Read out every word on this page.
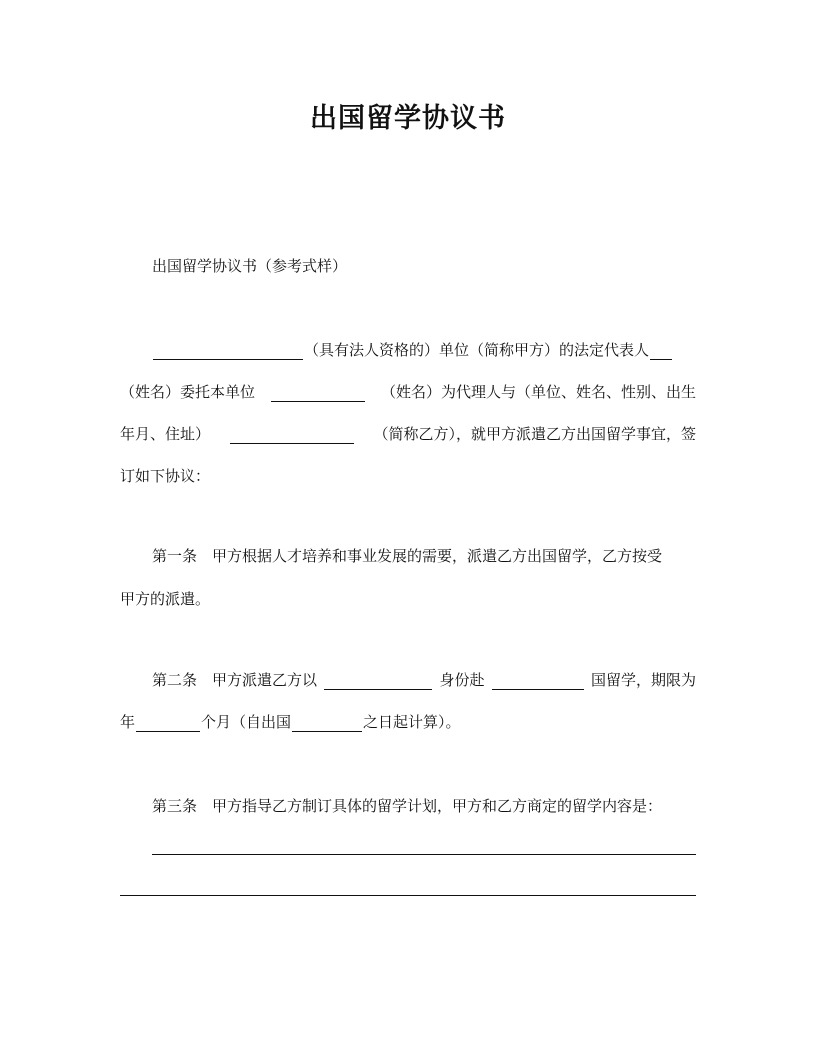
出国留学协议书
出国留学协议书（参考式样）
（具有法人资格的）单位（简称甲方）的法定代表人
（姓名）委托本单位	（姓名）为代理人与（单位、姓名、性别、出生
年月、住址）	（简称乙方），就甲方派遣乙方出国留学事宜，签
订如下协议：
第一条　甲方根据人才培养和事业发展的需要，派遣乙方出国留学，乙方按受
甲方的派遣。
第二条　甲方派遣乙方以	身份赴	国留学，期限为
年	个月（自出国	之日起计算）。
第三条　甲方指导乙方制订具体的留学计划，甲方和乙方商定的留学内容是：
